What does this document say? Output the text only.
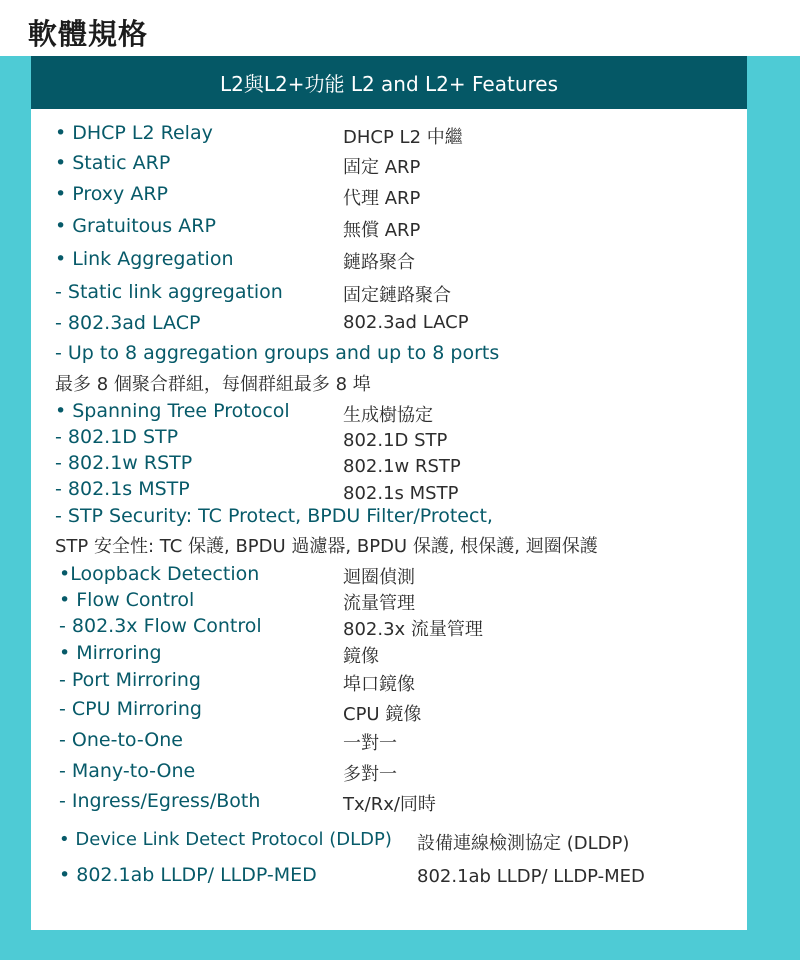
軟體規格
L2與L2+功能 L2 and L2+ Features
• DHCP L2 Relay	DHCP L2 中繼
• Static ARP	固定 ARP
• Proxy ARP	代理 ARP
• Gratuitous ARP	無償 ARP
• Link Aggregation	鏈路聚合
- Static link aggregation	固定鏈路聚合
- 802.3ad LACP	802.3ad LACP
- Up to 8 aggregation groups and up to 8 ports
最多 8 個聚合群組，每個群組最多 8 埠
• Spanning Tree Protocol	生成樹協定
- 802.1D STP	802.1D STP
- 802.1w RSTP	802.1w RSTP
- 802.1s MSTP	802.1s MSTP
- STP Security: TC Protect, BPDU Filter/Protect,
STP 安全性: TC 保護, BPDU 過濾器, BPDU 保護, 根保護, 迴圈保護
•Loopback Detection	迴圈偵測
• Flow Control	流量管理
- 802.3x Flow Control	802.3x 流量管理
• Mirroring	鏡像
- Port Mirroring	埠口鏡像
- CPU Mirroring	CPU 鏡像
- One-to-One	一對一
- Many-to-One	多對一
- Ingress/Egress/Both	Tx/Rx/同時
• Device Link Detect Protocol (DLDP) 設備連線檢測協定 (DLDP)
• 802.1ab LLDP/ LLDP-MED	802.1ab LLDP/ LLDP-MED
